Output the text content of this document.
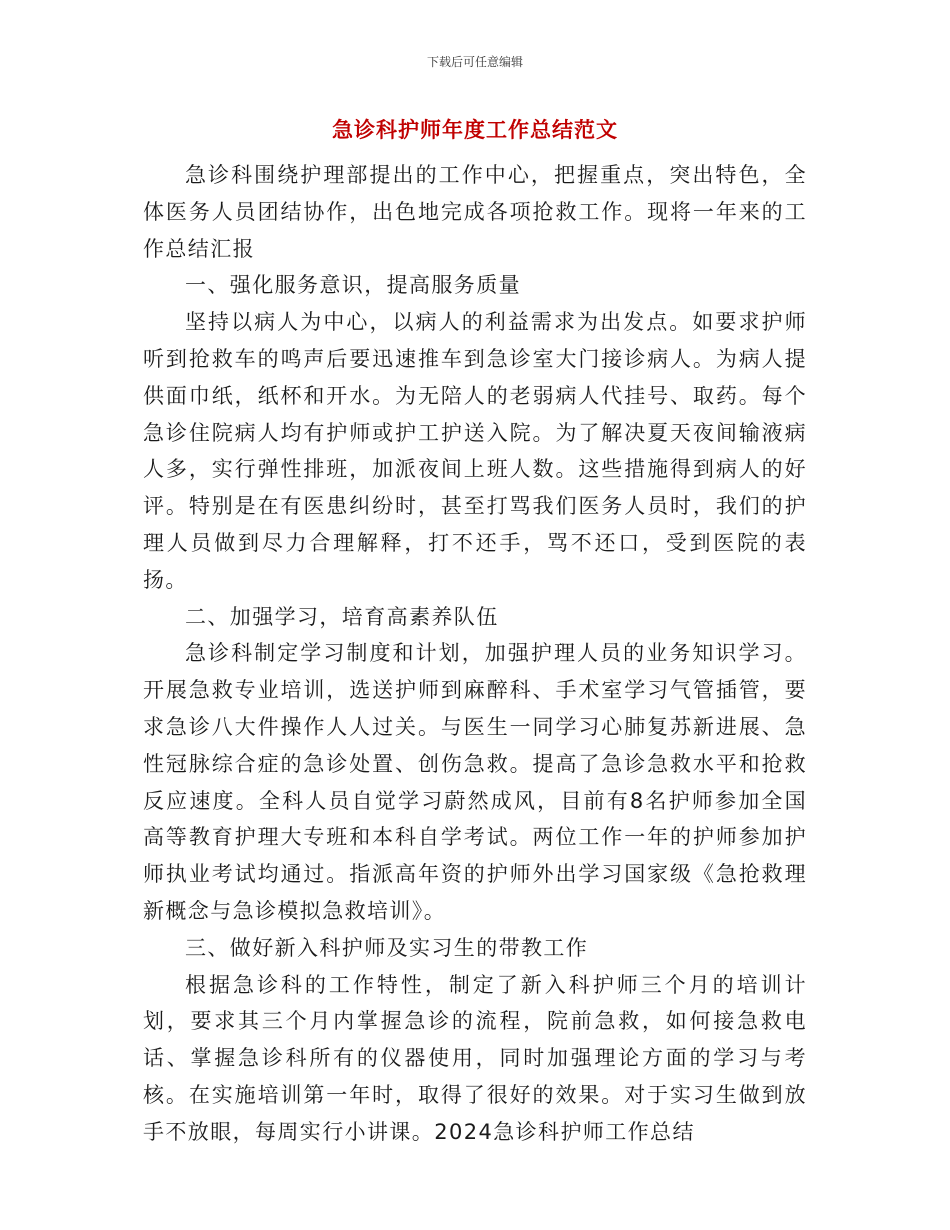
下载后可任意编辑
急诊科护师年度工作总结范文

急诊科围绕护理部提出的工作中心，把握重点，突出特色，全体医务人员团结协作，出色地完成各项抢救工作。现将一年来的工作总结汇报

一、强化服务意识，提高服务质量

坚持以病人为中心，以病人的利益需求为出发点。如要求护师听到抢救车的鸣声后要迅速推车到急诊室大门接诊病人。为病人提供面巾纸，纸杯和开水。为无陪人的老弱病人代挂号、取药。每个急诊住院病人均有护师或护工护送入院。为了解决夏天夜间输液病人多，实行弹性排班，加派夜间上班人数。这些措施得到病人的好评。特别是在有医患纠纷时，甚至打骂我们医务人员时，我们的护理人员做到尽力合理解释，打不还手，骂不还口，受到医院的表扬。

二、加强学习，培育高素养队伍

急诊科制定学习制度和计划，加强护理人员的业务知识学习。开展急救专业培训，选送护师到麻醉科、手术室学习气管插管，要求急诊八大件操作人人过关。与医生一同学习心肺复苏新进展、急性冠脉综合症的急诊处置、创伤急救。提高了急诊急救水平和抢救反应速度。全科人员自觉学习蔚然成风，目前有8名护师参加全国高等教育护理大专班和本科自学考试。两位工作一年的护师参加护师执业考试均通过。指派高年资的护师外出学习国家级《急抢救理新概念与急诊模拟急救培训》。

三、做好新入科护师及实习生的带教工作

根据急诊科的工作特性，制定了新入科护师三个月的培训计划，要求其三个月内掌握急诊的流程，院前急救，如何接急救电话、掌握急诊科所有的仪器使用，同时加强理论方面的学习与考核。在实施培训第一年时，取得了很好的效果。对于实习生做到放手不放眼，每周实行小讲课。2024急诊科护师工作总结
